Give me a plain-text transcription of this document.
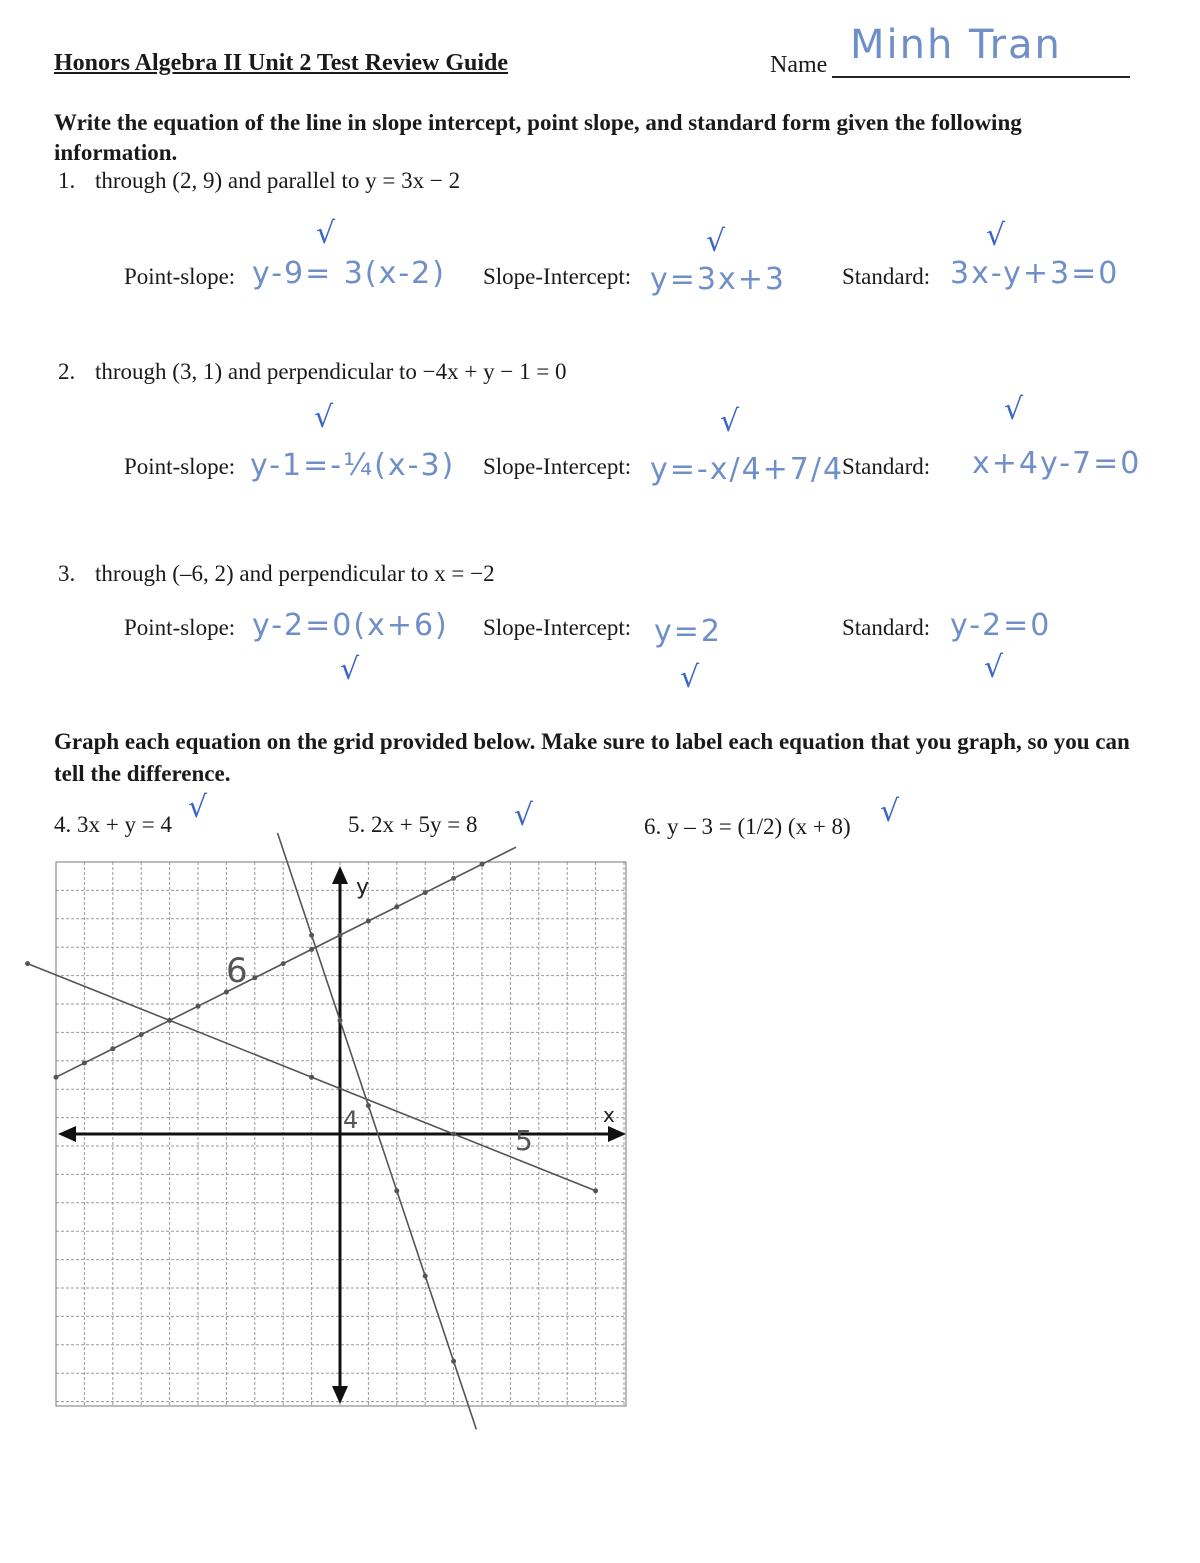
Honors Algebra II Unit 2 Test Review Guide	Name Minh Tran
Write the equation of the line in slope intercept, point slope, and standard form given the following information.
1. through (2, 9) and parallel to y = 3x − 2
Point-slope: y-9= 3(x-2) Slope-Intercept: y=3x+3 Standard: 3x-y+3=0
√	√	√
2. through (3, 1) and perpendicular to −4x + y − 1 = 0
Point-slope: y-1=-¼(x-3) Slope-Intercept: y=-x/4+7/4
Standard: x+4y-7=0
√	√	√
3. through (–6, 2) and perpendicular to x = −2
Point-slope: y-2=0(x+6) Slope-Intercept: y=2	Standard: y-2=0
√	√	√
Graph each equation on the grid provided below. Make sure to label each equation that you graph, so you can tell the difference.
4. 3x + y = 4	5. 2x + 5y = 8	6. y – 3 = (1/2) (x + 8)
√	√	√
x
y
4
5
6
